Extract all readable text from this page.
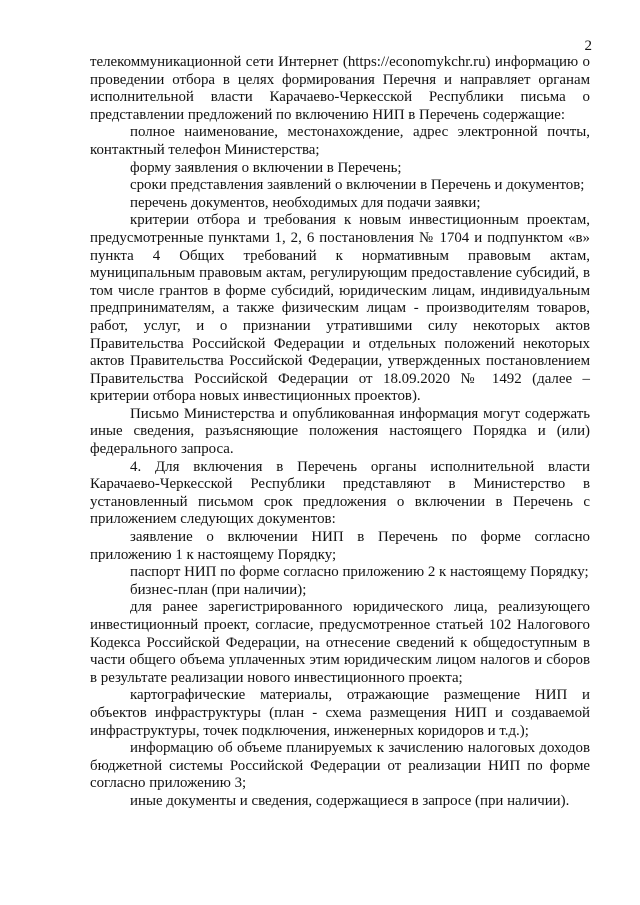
2

телекоммуникационной сети Интернет (https://economykchr.ru) информацию о проведении отбора в целях формирования Перечня и направляет органам исполнительной власти Карачаево-Черкесской Республики письма о представлении предложений по включению НИП в Перечень содержащие:

полное наименование, местонахождение, адрес электронной почты, контактный телефон Министерства;

форму заявления о включении в Перечень;

сроки представления заявлений о включении в Перечень и документов;

перечень документов, необходимых для подачи заявки;

критерии отбора и требования к новым инвестиционным проектам, предусмотренные пунктами 1, 2, 6 постановления № 1704 и подпунктом «в» пункта 4 Общих требований к нормативным правовым актам, муниципальным правовым актам, регулирующим предоставление субсидий, в том числе грантов в форме субсидий, юридическим лицам, индивидуальным предпринимателям, а также физическим лицам - производителям товаров, работ, услуг, и о признании утратившими силу некоторых актов Правительства Российской Федерации и отдельных положений некоторых актов Правительства Российской Федерации, утвержденных постановлением Правительства Российской Федерации от 18.09.2020 № 1492 (далее – критерии отбора новых инвестиционных проектов).

Письмо Министерства и опубликованная информация могут содержать иные сведения, разъясняющие положения настоящего Порядка и (или) федерального запроса.

4. Для включения в Перечень органы исполнительной власти Карачаево-Черкесской Республики представляют в Министерство в установленный письмом срок предложения о включении в Перечень с приложением следующих документов:

заявление о включении НИП в Перечень по форме согласно приложению 1 к настоящему Порядку;

паспорт НИП по форме согласно приложению 2 к настоящему Порядку;

бизнес-план (при наличии);

для ранее зарегистрированного юридического лица, реализующего инвестиционный проект, согласие, предусмотренное статьей 102 Налогового Кодекса Российской Федерации, на отнесение сведений к общедоступным в части общего объема уплаченных этим юридическим лицом налогов и сборов в результате реализации нового инвестиционного проекта;

картографические материалы, отражающие размещение НИП и объектов инфраструктуры (план - схема размещения НИП и создаваемой инфраструктуры, точек подключения, инженерных коридоров и т.д.);

информацию об объеме планируемых к зачислению налоговых доходов бюджетной системы Российской Федерации от реализации НИП по форме согласно приложению 3;

иные документы и сведения, содержащиеся в запросе (при наличии).
